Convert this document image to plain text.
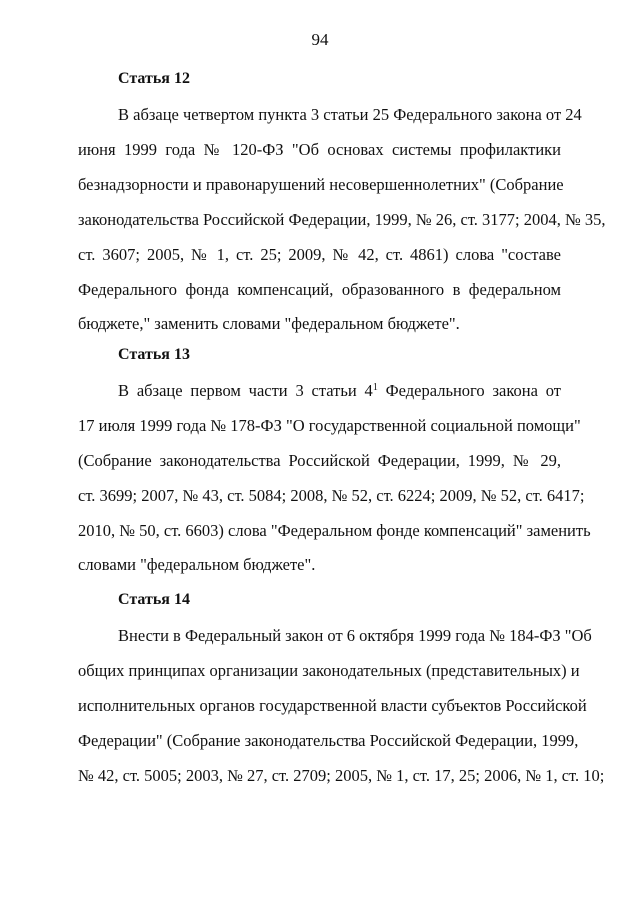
94
Статья 12
В абзаце четвертом пункта 3 статьи 25 Федерального закона от 24
июня 1999 года № 120-ФЗ "Об основах системы профилактики
безнадзорности и правонарушений несовершеннолетних" (Собрание
законодательства Российской Федерации, 1999, № 26, ст. 3177; 2004, № 35,
ст. 3607; 2005, № 1, ст. 25; 2009, № 42, ст. 4861) слова "составе
Федерального фонда компенсаций, образованного в федеральном
бюджете," заменить словами "федеральном бюджете".
Статья 13
В абзаце первом части 3 статьи $4^1$ Федерального закона от
17 июля 1999 года № 178-ФЗ "О государственной социальной помощи"
(Собрание законодательства Российской Федерации, 1999, № 29,
ст. 3699; 2007, № 43, ст. 5084; 2008, № 52, ст. 6224; 2009, № 52, ст. 6417;
2010, № 50, ст. 6603) слова "Федеральном фонде компенсаций" заменить
словами "федеральном бюджете".
Статья 14
Внести в Федеральный закон от 6 октября 1999 года № 184-ФЗ "Об
общих принципах организации законодательных (представительных) и
исполнительных органов государственной власти субъектов Российской
Федерации" (Собрание законодательства Российской Федерации, 1999,
№ 42, ст. 5005; 2003, № 27, ст. 2709; 2005, № 1, ст. 17, 25; 2006, № 1, ст. 10;
